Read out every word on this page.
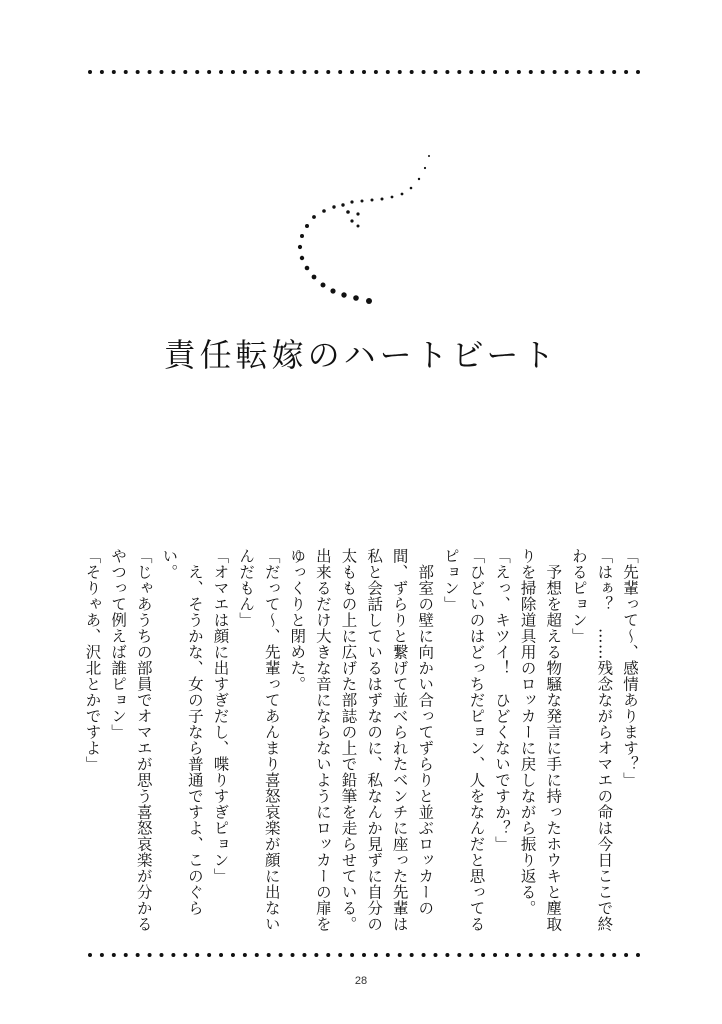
責任転嫁のハートビート

「先輩って〜、感情あります？」

「はぁ？　……残念ながらオマエの命は今日ここで終わるピョン」

　予想を超える物騒な発言に手に持ったホウキと塵取りを掃除道具用のロッカーに戻しながら振り返る。

「えっ、キツイ！　ひどくないですか？」

「ひどいのはどっちだピョン、人をなんだと思ってるピョン」

　部室の壁に向かい合ってずらりと並ぶロッカーの間、ずらりと繋げて並べられたベンチに座った先輩は私と会話しているはずなのに、私なんか見ずに自分の太ももの上に広げた部誌の上で鉛筆を走らせている。出来るだけ大きな音にならないようにロッカーの扉をゆっくりと閉めた。

「だって〜、先輩ってあんまり喜怒哀楽が顔に出ないんだもん」

「オマエは顔に出すぎだし、喋りすぎピョン」

　え、そうかな、女の子なら普通ですよ、このぐらい。

「じゃあうちの部員でオマエが思う喜怒哀楽が分かるやつって例えば誰ピョン」

「そりゃあ、沢北とかですよ」

28
